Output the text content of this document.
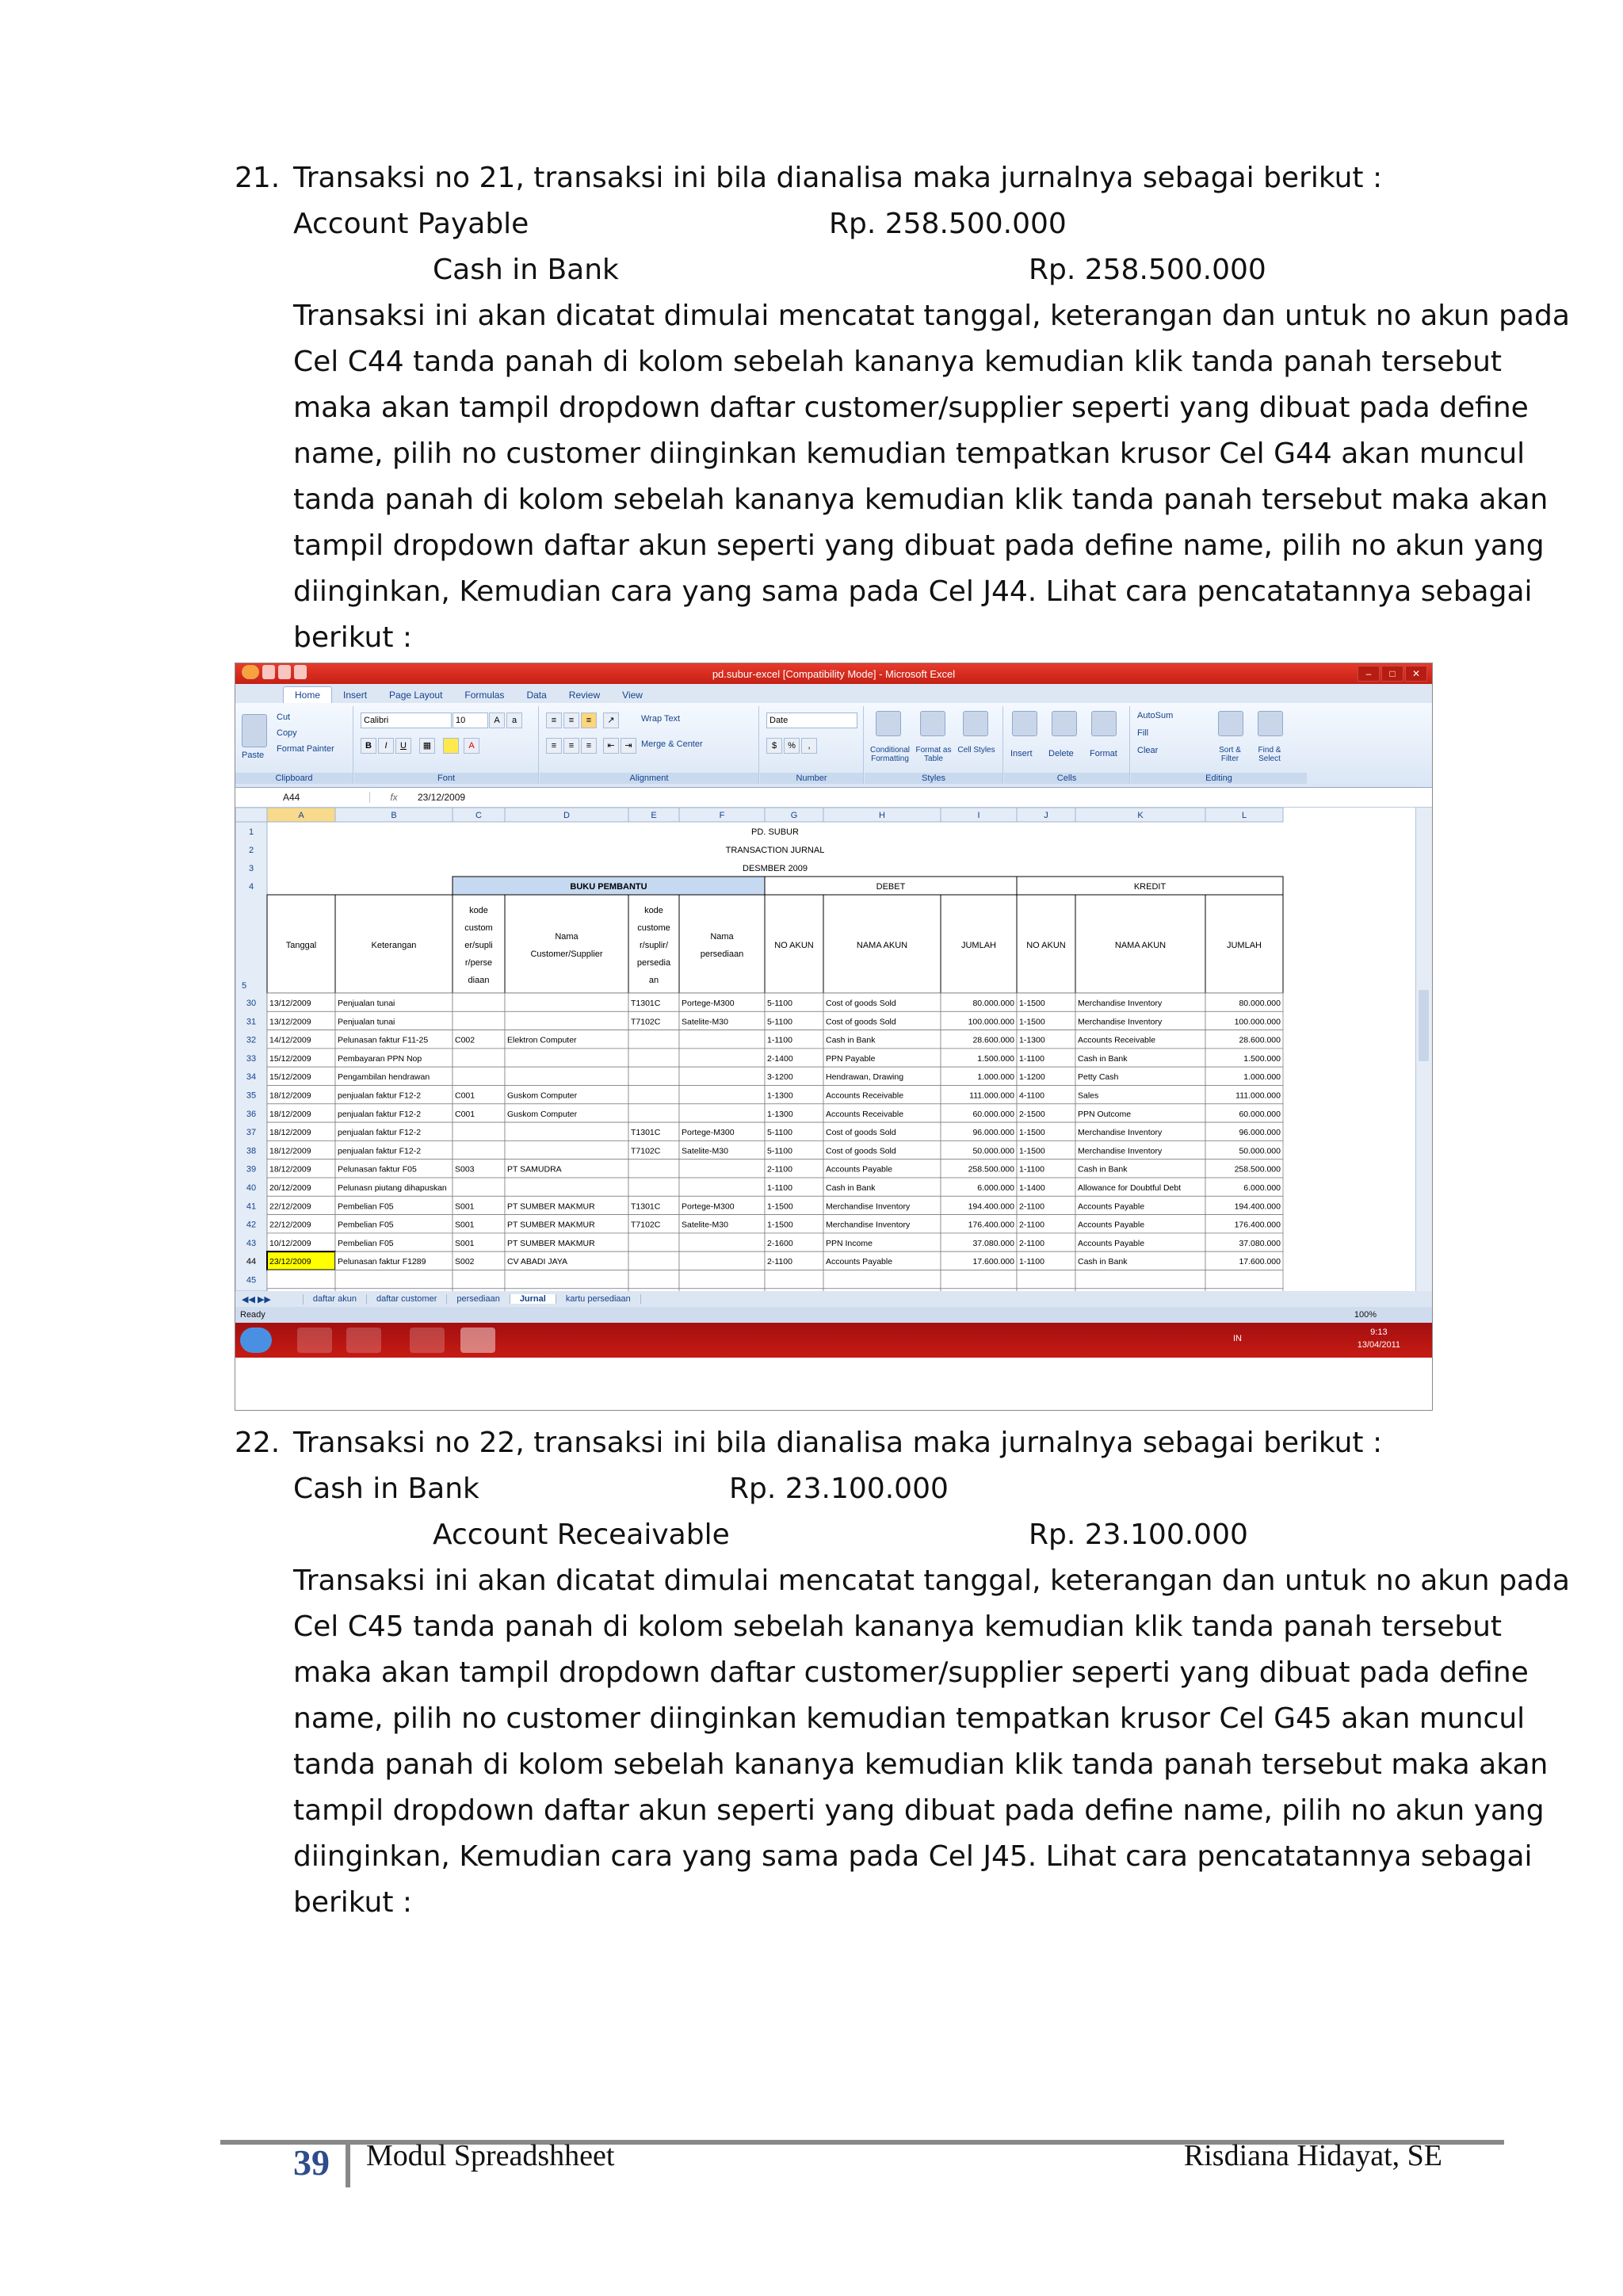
21. Transaksi no 21, transaksi ini bila dianalisa maka jurnalnya sebagai berikut :
Account Payable	Rp. 258.500.000
Cash in Bank	Rp. 258.500.000
Transaksi ini akan dicatat dimulai mencatat tanggal, keterangan dan untuk no akun pada
Cel C44 tanda panah di kolom sebelah kananya kemudian klik tanda panah tersebut
maka akan tampil dropdown daftar customer/supplier seperti yang dibuat pada define
name, pilih no customer diinginkan kemudian tempatkan krusor Cel G44 akan muncul
tanda panah di kolom sebelah kananya kemudian klik tanda panah tersebut maka akan
tampil dropdown daftar akun seperti yang dibuat pada define name, pilih no akun yang
diinginkan, Kemudian cara yang sama pada Cel J44. Lihat cara pencatatannya sebagai
berikut :
pd.subur-excel [Compatibility Mode] - Microsoft Excel	–	□	✕
Home	Insert	Page Layout	Formulas	Data	Review	View
Paste
Cut
Copy
Format Painter
Clipboard
Calibri	10	A	a
B	I	U	▦	A
Font
≡	≡	≡	↗	Wrap Text
≡	≡	≡	⇤	⇥	Merge & Center
Alignment
Date
$	%	,
Number
Conditional Formatting
Format as Table
Cell Styles
Styles
Insert Delete Format
Cells
AutoSum
Fill
Clear	Sort & Filter
Find & Select
Editing
A44	fx	23/12/2009
A	B	C	D	E	F	G	H	I	J	K	L
1	PD. SUBUR
2	TRANSACTION JURNAL
3	DESMBER 2009
4	BUKU PEMBANTU	DEBET	KREDIT
5
Tanggal	Keterangan
kode
custom
er/supli
r/perse
diaan
Nama
Customer/Supplier
kode
custome
r/suplir/
persedia
an
Nama
persediaan
NO AKUN	NAMA AKUN	JUMLAH	NO AKUN	NAMA AKUN	JUMLAH
30 13/12/2009	Penjualan tunai	T1301C	Portege-M300	5-1100	Cost of goods Sold	80.000.000 1-1500	Merchandise Inventory	80.000.000
31 13/12/2009	Penjualan tunai	T7102C	Satelite-M30	5-1100	Cost of goods Sold	100.000.000 1-1500	Merchandise Inventory	100.000.000
32 14/12/2009	Pelunasan faktur F11-25	C002	Elektron Computer	1-1100	Cash in Bank	28.600.000 1-1300	Accounts Receivable	28.600.000
33 15/12/2009	Pembayaran PPN Nop	2-1400	PPN Payable	1.500.000 1-1100	Cash in Bank	1.500.000
34 15/12/2009	Pengambilan hendrawan	3-1200	Hendrawan, Drawing	1.000.000 1-1200	Petty Cash	1.000.000
35 18/12/2009	penjualan faktur F12-2	C001	Guskom Computer	1-1300	Accounts Receivable	111.000.000 4-1100	Sales	111.000.000
36 18/12/2009	penjualan faktur F12-2	C001	Guskom Computer	1-1300	Accounts Receivable	60.000.000 2-1500	PPN Outcome	60.000.000
37 18/12/2009	penjualan faktur F12-2	T1301C	Portege-M300	5-1100	Cost of goods Sold	96.000.000 1-1500	Merchandise Inventory	96.000.000
38 18/12/2009	penjualan faktur F12-2	T7102C	Satelite-M30	5-1100	Cost of goods Sold	50.000.000 1-1500	Merchandise Inventory	50.000.000
39 18/12/2009	Pelunasan faktur F05	S003	PT SAMUDRA	2-1100	Accounts Payable	258.500.000 1-1100	Cash in Bank	258.500.000
40 20/12/2009	Pelunasn piutang dihapuskan	1-1100	Cash in Bank	6.000.000 1-1400	Allowance for Doubtful Debt	6.000.000
41 22/12/2009	Pembelian F05	S001	PT SUMBER MAKMUR	T1301C	Portege-M300	1-1500	Merchandise Inventory	194.400.000 2-1100	Accounts Payable	194.400.000
42 22/12/2009	Pembelian F05	S001	PT SUMBER MAKMUR	T7102C	Satelite-M30	1-1500	Merchandise Inventory	176.400.000 2-1100	Accounts Payable	176.400.000
43 10/12/2009	Pembelian F05	S001	PT SUMBER MAKMUR	2-1600	PPN Income	37.080.000 2-1100	Accounts Payable	37.080.000
44 23/12/2009	Pelunasan faktur F1289	S002	CV ABADI JAYA	2-1100	Accounts Payable	17.600.000 1-1100	Cash in Bank	17.600.000
45
◀◀ ▶▶	daftar akun	daftar customer	persediaan	Jurnal	kartu persediaan
Ready	100%
IN
9:13
13/04/2011
22. Transaksi no 22, transaksi ini bila dianalisa maka jurnalnya sebagai berikut :
Cash in Bank	Rp. 23.100.000
Account Receaivable	Rp. 23.100.000
Transaksi ini akan dicatat dimulai mencatat tanggal, keterangan dan untuk no akun pada
Cel C45 tanda panah di kolom sebelah kananya kemudian klik tanda panah tersebut
maka akan tampil dropdown daftar customer/supplier seperti yang dibuat pada define
name, pilih no customer diinginkan kemudian tempatkan krusor Cel G45 akan muncul
tanda panah di kolom sebelah kananya kemudian klik tanda panah tersebut maka akan
tampil dropdown daftar akun seperti yang dibuat pada define name, pilih no akun yang
diinginkan, Kemudian cara yang sama pada Cel J45. Lihat cara pencatatannya sebagai
berikut :
39 Modul Spreadshheet	Risdiana Hidayat, SE
